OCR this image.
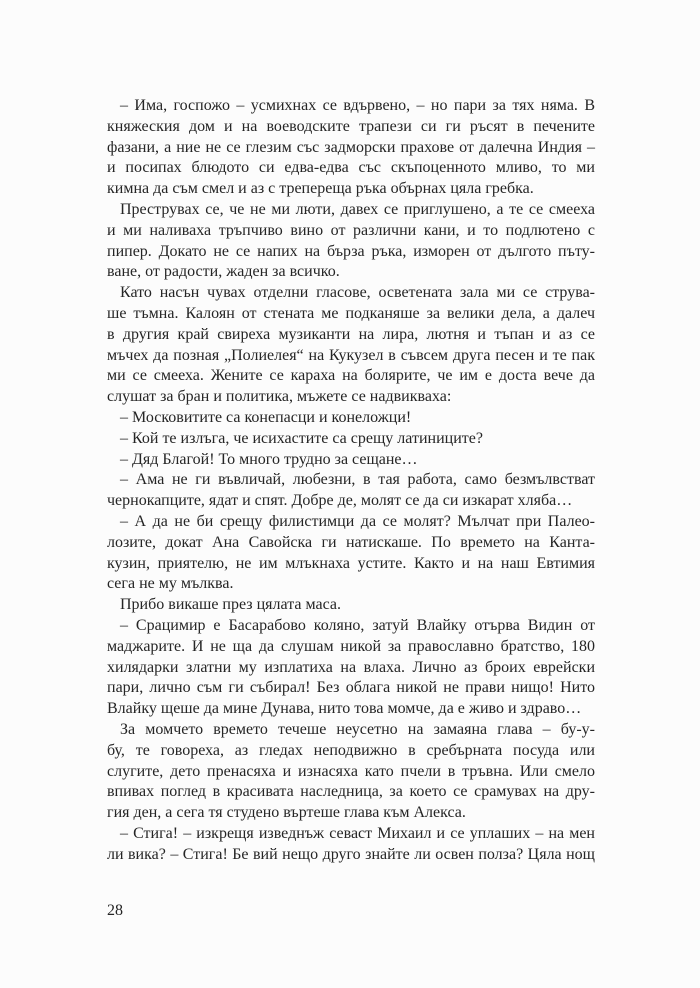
– Има, госпожо – усмихнах се вдървено, – но пари за тях няма. В
княжеския дом и на воеводските трапези си ги ръсят в печените
фазани, а ние не се глезим със задморски прахове от далечна Индия –
и посипах блюдото си едва-едва със скъпоценното мливо, то ми
кимна да съм смел и аз с трепереща ръка обърнах цяла гребка.
Преструвах се, че не ми люти, давех се приглушено, а те се смееха
и ми наливаха тръпчиво вино от различни кани, и то подлютено с
пипер. Докато не се напих на бърза ръка, изморен от дългото пъту-
ване, от радости, жаден за всичко.
Като насън чувах отделни гласове, осветената зала ми се струва-
ше тъмна. Калоян от стената ме подканяше за велики дела, а далеч
в другия край свиреха музиканти на лира, лютня и тъпан и аз се
мъчех да позная „Полиелея“ на Кукузел в съвсем друга песен и те пак
ми се смееха. Жените се караха на болярите, че им е доста вече да
слушат за бран и политика, мъжете се надвикваха:
– Московитите са конепасци и конеложци!
– Кой те излъга, че исихастите са срещу латиниците?
– Дяд Благой! То много трудно за сещане…
– Ама не ги въвличай, любезни, в тая работа, само безмълвстват
чернокапците, ядат и спят. Добре де, молят се да си изкарат хляба…
– А да не би срещу филистимци да се молят? Мълчат при Палео-
лозите, докат Ана Савойска ги натискаше. По времето на Канта-
кузин, приятелю, не им млъкнаха устите. Както и на наш Евтимия
сега не му мълква.
Прибо викаше през цялата маса.
– Срацимир е Басарабово коляно, затуй Влайку отърва Видин от
маджарите. И не ща да слушам никой за православно братство, 180
хилядарки златни му изплатиха на влаха. Лично аз броих еврейски
пари, лично съм ги събирал! Без облага никой не прави нищо! Нито
Влайку щеше да мине Дунава, нито това момче, да е живо и здраво…
За момчето времето течеше неусетно на замаяна глава – бу-у-
бу, те говореха, аз гледах неподвижно в сребърната посуда или
слугите, дето пренасяха и изнасяха като пчели в тръвна. Или смело
впивах поглед в красивата наследница, за което се срамувах на дру-
гия ден, а сега тя студено въртеше глава към Алекса.
– Стига! – изкрещя изведнъж севаст Михаил и се уплаших – на мен
ли вика? – Стига! Бе вий нещо друго знайте ли освен полза? Цяла нощ
28
